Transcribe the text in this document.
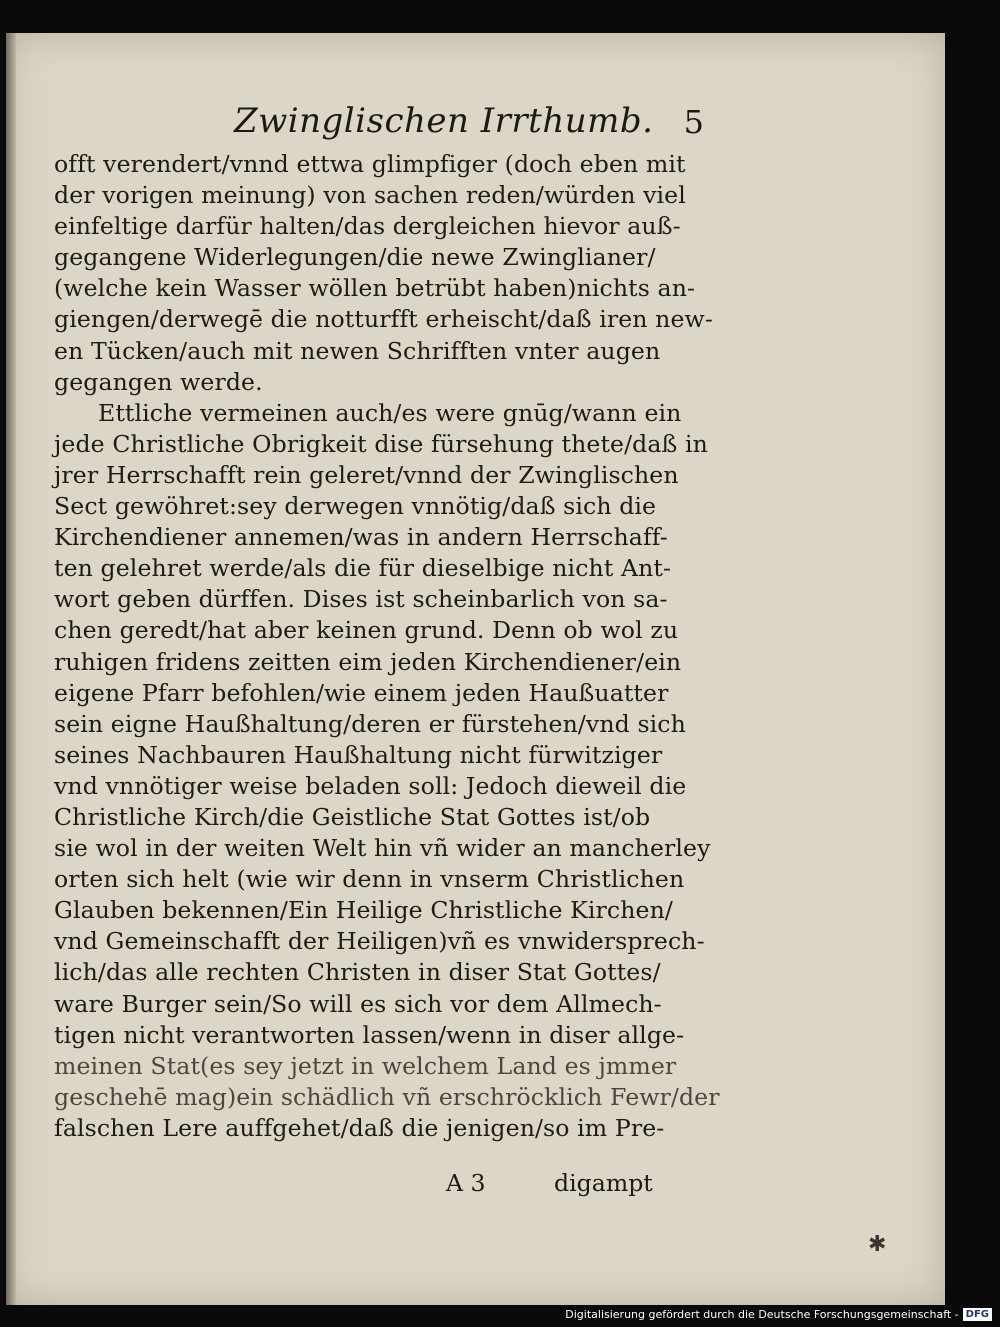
Zwinglischen Irrthumb. 5
offt verendert/vnnd ettwa glimpfiger (doch eben mit
der vorigen meinung) von sachen reden/würden viel
einfeltige darfür halten/das dergleichen hievor auß-
gegangene Widerlegungen/die newe Zwinglianer/
(welche kein Wasser wöllen betrübt haben)nichts an-
giengen/derwegē die notturfft erheischt/daß iren new-
en Tücken/auch mit newen Schrifften vnter augen
gegangen werde.
Ettliche vermeinen auch/es were gnūg/wann ein
jede Christliche Obrigkeit dise fürsehung thete/daß in
jrer Herrschafft rein geleret/vnnd der Zwinglischen
Sect gewöhret:sey derwegen vnnötig/daß sich die
Kirchendiener annemen/was in andern Herrschaff-
ten gelehret werde/als die für dieselbige nicht Ant-
wort geben dürffen. Dises ist scheinbarlich von sa-
chen geredt/hat aber keinen grund. Denn ob wol zu
ruhigen fridens zeitten eim jeden Kirchendiener/ein
eigene Pfarr befohlen/wie einem jeden Haußuatter
sein eigne Haußhaltung/deren er fürstehen/vnd sich
seines Nachbauren Haußhaltung nicht fürwitziger
vnd vnnötiger weise beladen soll: Jedoch dieweil die
Christliche Kirch/die Geistliche Stat Gottes ist/ob
sie wol in der weiten Welt hin vñ wider an mancherley
orten sich helt (wie wir denn in vnserm Christlichen
Glauben bekennen/Ein Heilige Christliche Kirchen/
vnd Gemeinschafft der Heiligen)vñ es vnwidersprech-
lich/das alle rechten Christen in diser Stat Gottes/
ware Burger sein/So will es sich vor dem Allmech-
tigen nicht verantworten lassen/wenn in diser allge-
meinen Stat(es sey jetzt in welchem Land es jmmer
geschehē mag)ein schädlich vñ erschröcklich Fewr/der
falschen Lere auffgehet/daß die jenigen/so im Pre-
A 3	digampt
✱
Digitalisierung gefördert durch die Deutsche Forschungsgemeinschaft - DFG
